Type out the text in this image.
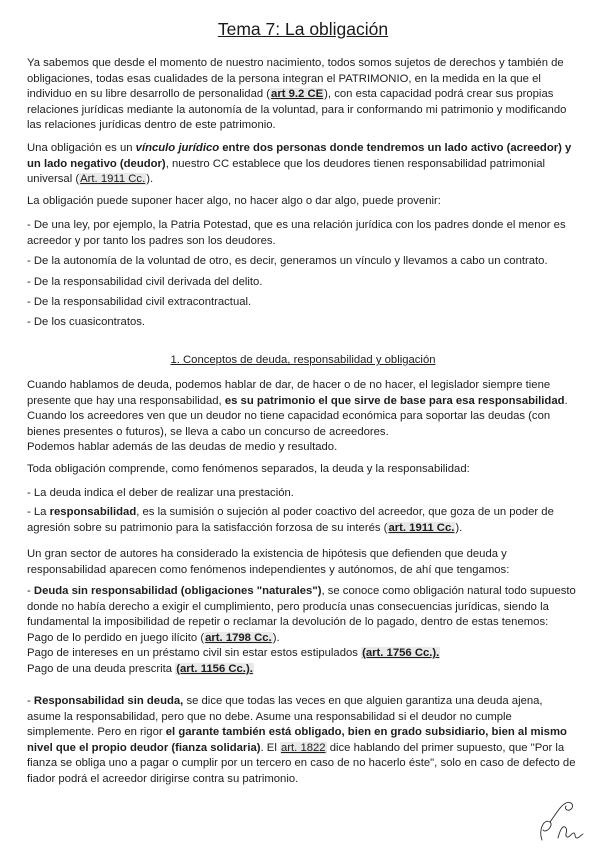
Tema 7: La obligación

Ya sabemos que desde el momento de nuestro nacimiento, todos somos sujetos de derechos y también de obligaciones, todas esas cualidades de la persona integran el PATRIMONIO, en la medida en la que el individuo en su libre desarrollo de personalidad (art 9.2 CE), con esta capacidad podrá crear sus propias relaciones jurídicas mediante la autonomía de la voluntad, para ir conformando mi patrimonio y modificando las relaciones jurídicas dentro de este patrimonio.

Una obligación es un vínculo jurídico entre dos personas donde tendremos un lado activo (acreedor) y un lado negativo (deudor), nuestro CC establece que los deudores tienen responsabilidad patrimonial universal (Art. 1911 Cc.).

La obligación puede suponer hacer algo, no hacer algo o dar algo, puede provenir:

- De una ley, por ejemplo, la Patria Potestad, que es una relación jurídica con los padres donde el menor es acreedor y por tanto los padres son los deudores.

- De la autonomía de la voluntad de otro, es decir, generamos un vínculo y llevamos a cabo un contrato.

- De la responsabilidad civil derivada del delito.

- De la responsabilidad civil extracontractual.

- De los cuasicontratos.

1. Conceptos de deuda, responsabilidad y obligación

Cuando hablamos de deuda, podemos hablar de dar, de hacer o de no hacer, el legislador siempre tiene presente que hay una responsabilidad, es su patrimonio el que sirve de base para esa responsabilidad. Cuando los acreedores ven que un deudor no tiene capacidad económica para soportar las deudas (con bienes presentes o futuros), se lleva a cabo un concurso de acreedores.
Podemos hablar además de las deudas de medio y resultado.

Toda obligación comprende, como fenómenos separados, la deuda y la responsabilidad:

- La deuda indica el deber de realizar una prestación.

- La responsabilidad, es la sumisión o sujeción al poder coactivo del acreedor, que goza de un poder de agresión sobre su patrimonio para la satisfacción forzosa de su interés (art. 1911 Cc.).

Un gran sector de autores ha considerado la existencia de hipótesis que defienden que deuda y responsabilidad aparecen como fenómenos independientes y autónomos, de ahí que tengamos:

- Deuda sin responsabilidad (obligaciones "naturales"), se conoce como obligación natural todo supuesto donde no había derecho a exigir el cumplimiento, pero producía unas consecuencias jurídicas, siendo la fundamental la imposibilidad de repetir o reclamar la devolución de lo pagado, dentro de estas tenemos:
Pago de lo perdido en juego ilícito (art. 1798 Cc.).
Pago de intereses en un préstamo civil sin estar estos estipulados (art. 1756 Cc.).
Pago de una deuda prescrita (art. 1156 Cc.).

- Responsabilidad sin deuda, se dice que todas las veces en que alguien garantiza una deuda ajena, asume la responsabilidad, pero que no debe. Asume una responsabilidad si el deudor no cumple simplemente. Pero en rigor el garante también está obligado, bien en grado subsidiario, bien al mismo nivel que el propio deudor (fianza solidaria). El art. 1822 dice hablando del primer supuesto, que "Por la fianza se obliga uno a pagar o cumplir por un tercero en caso de no hacerlo éste", solo en caso de defecto de fiador podrá el acreedor dirigirse contra su patrimonio.
